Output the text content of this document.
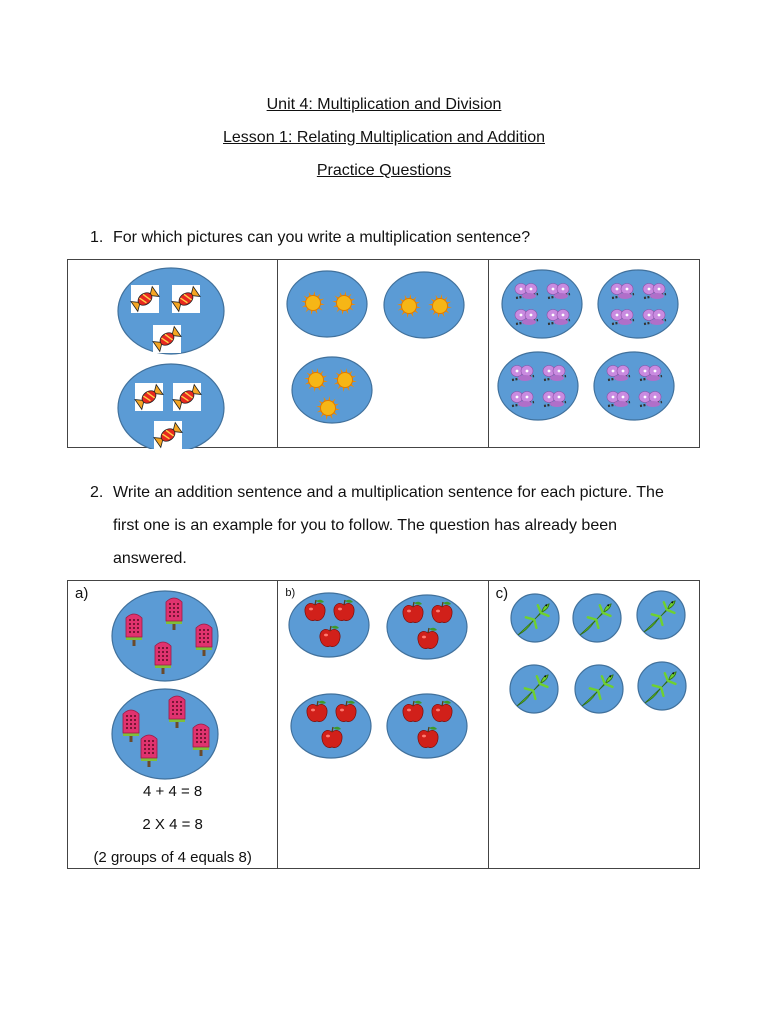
Unit 4: Multiplication and Division
Lesson 1: Relating Multiplication and Addition
Practice Questions
1. For which pictures can you write a multiplication sentence?
2. Write an addition sentence and a multiplication sentence for each picture. The first one is an example for you to follow. The question has already been answered.
a)
4 + 4 = 8
2 X 4 = 8
(2 groups of 4 equals 8)
b)	c)
